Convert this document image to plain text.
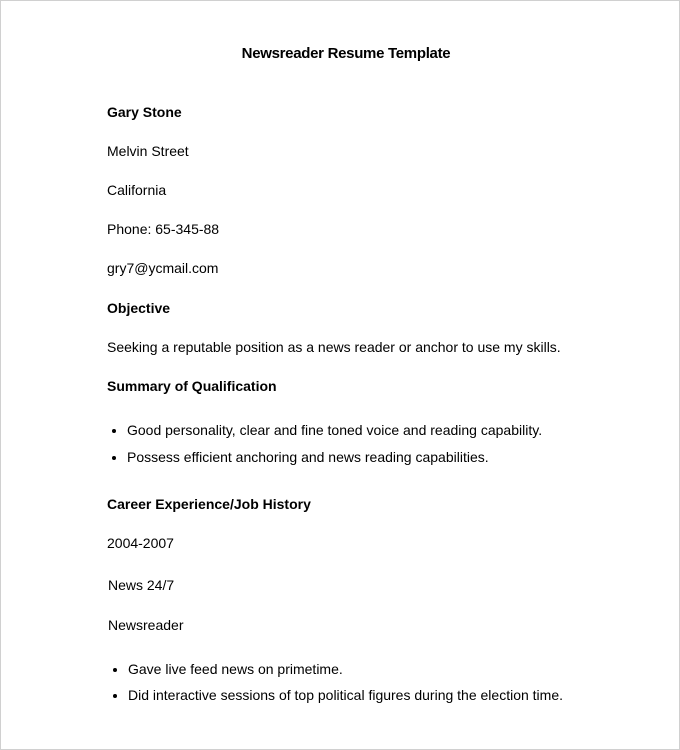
Newsreader Resume Template
Gary Stone
Melvin Street
California
Phone: 65-345-88
gry7@ycmail.com
Objective
Seeking a reputable position as a news reader or anchor to use my skills.
Summary of Qualification
• Good personality, clear and fine toned voice and reading capability.
• Possess efficient anchoring and news reading capabilities.
Career Experience/Job History
2004-2007
News 24/7
Newsreader
• Gave live feed news on primetime.
• Did interactive sessions of top political figures during the election time.
